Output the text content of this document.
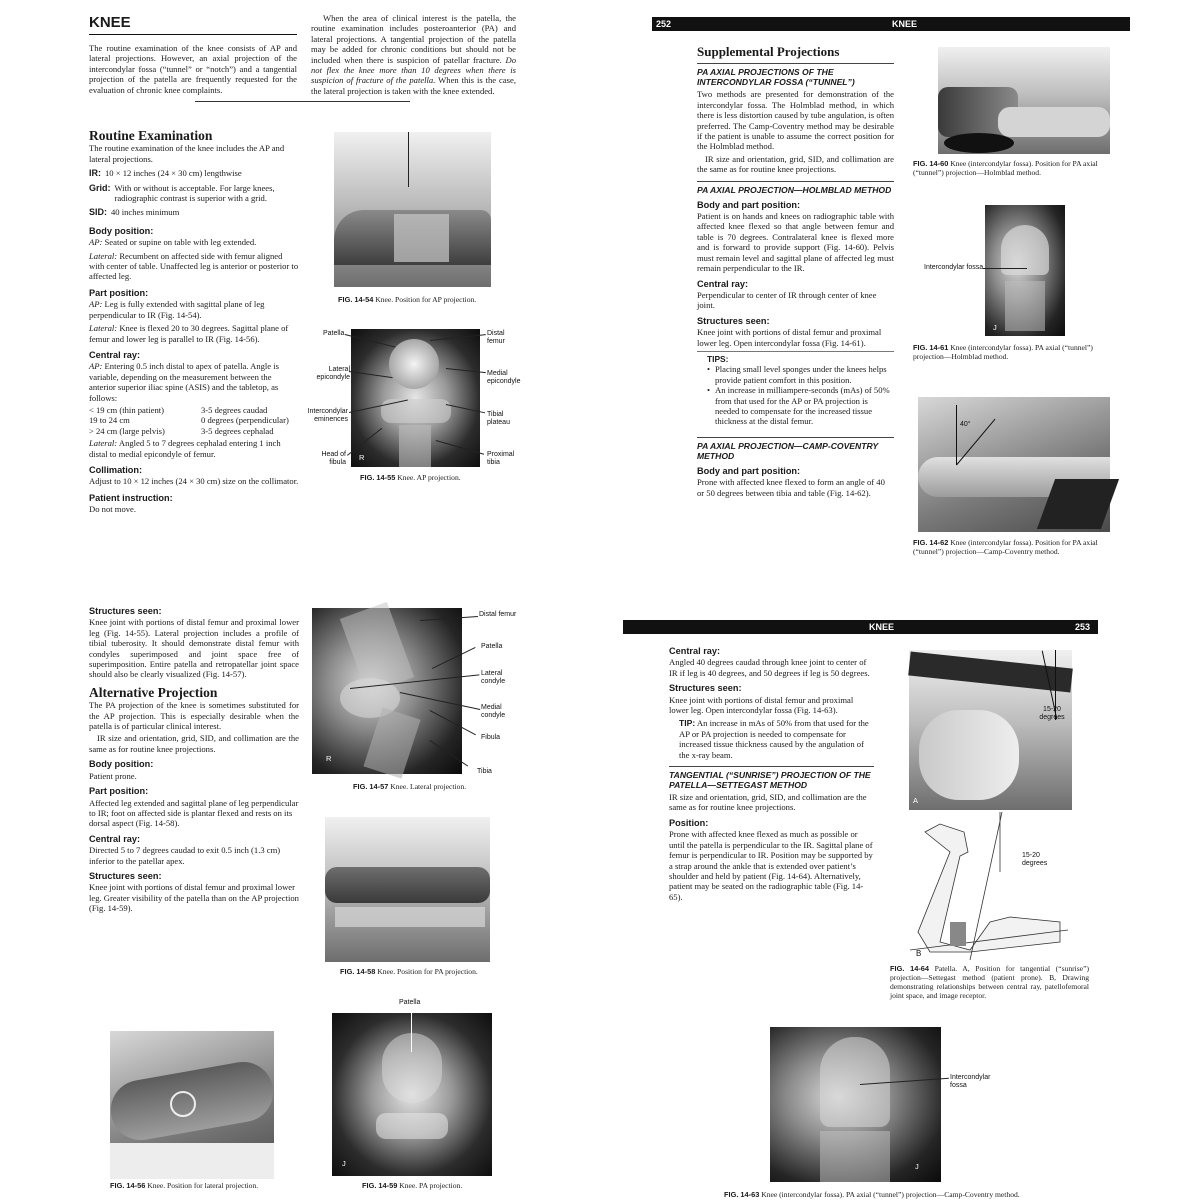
KNEE
The routine examination of the knee consists of AP and lateral projections. However, an axial projection of the intercondylar fossa (“tunnel” or “notch”) and a tangential projection of the patella are frequently requested for the evaluation of chronic knee complaints.
When the area of clinical interest is the patella, the routine examination includes posteroanterior (PA) and lateral projections. A tangential projection of the patella may be added for chronic conditions but should not be included when there is suspicion of patellar fracture. Do not flex the knee more than 10 degrees when there is suspicion of fracture of the patella. When this is the case, the lateral projection is taken with the knee extended.
Routine Examination

The routine examination of the knee includes the AP and lateral projections.

IR: 10 × 12 inches (24 × 30 cm) lengthwise
Grid: With or without is acceptable. For large knees, radiographic contrast is superior with a grid.
SID: 40 inches minimum
Body position:

AP: Seated or supine on table with leg extended.

Lateral: Recumbent on affected side with femur aligned with center of table. Unaffected leg is anterior or posterior to affected leg.

Part position:

AP: Leg is fully extended with sagittal plane of leg perpendicular to IR (Fig. 14-54).

Lateral: Knee is flexed 20 to 30 degrees. Sagittal plane of femur and lower leg is parallel to IR (Fig. 14-56).

Central ray:

AP: Entering 0.5 inch distal to apex of patella. Angle is variable, depending on the measurement between the anterior superior iliac spine (ASIS) and the tabletop, as follows:

< 19 cm (thin patient)	3-5 degrees caudad
19 to 24 cm	0 degrees (perpendicular)
> 24 cm (large pelvis)	3-5 degrees cephalad

Lateral: Angled 5 to 7 degrees cephalad entering 1 inch distal to medial epicondyle of femur.

Collimation:

Adjust to 10 × 12 inches (24 × 30 cm) size on the collimator.

Patient instruction:

Do not move.

FIG. 14-54 Knee. Position for AP projection.
R
Patella	Distal femur
Lateral epicondyle
Medial epicondyle
Intercondylar eminences
Tibial plateau
Head of fibula
Proximal tibia
FIG. 14-55 Knee. AP projection.
252	KNEE
Supplemental Projections
PA AXIAL PROJECTIONS OF THE INTERCONDYLAR FOSSA (“TUNNEL”)

Two methods are presented for demonstration of the intercondylar fossa. The Holmblad method, in which there is less distortion caused by tube angulation, is often preferred. The Camp-Coventry method may be desirable if the patient is unable to assume the correct position for the Holmblad method.

IR size and orientation, grid, SID, and collimation are the same as for routine knee projections.

PA AXIAL PROJECTION—HOLMBLAD METHOD
Body and part position:

Patient is on hands and knees on radiographic table with affected knee flexed so that angle between femur and table is 70 degrees. Contralateral knee is flexed more and is forward to provide support (Fig. 14-60). Pelvis must remain level and sagittal plane of affected leg must remain perpendicular to the IR.

Central ray:

Perpendicular to center of IR through center of knee joint.

Structures seen:

Knee joint with portions of distal femur and proximal lower leg. Open intercondylar fossa (Fig. 14-61).

TIPS:
• Placing small level sponges under the knees helps provide patient comfort in this position.
• An increase in milliampere-seconds (mAs) of 50% from that used for the AP or PA projection is needed to compensate for the increased tissue thickness at the distal femur.
PA AXIAL PROJECTION—CAMP-COVENTRY METHOD
Body and part position:

Prone with affected knee flexed to form an angle of 40 or 50 degrees between tibia and table (Fig. 14-62).

FIG. 14-60 Knee (intercondylar fossa). Position for PA axial (“tunnel”) projection—Holmblad method.
J
Intercondylar fossa
FIG. 14-61 Knee (intercondylar fossa). PA axial (“tunnel”) projection—Holmblad method.
40°
FIG. 14-62 Knee (intercondylar fossa). Position for PA axial (“tunnel”) projection—Camp-Coventry method.
Structures seen:

Knee joint with portions of distal femur and proximal lower leg (Fig. 14-55). Lateral projection includes a profile of tibial tuberosity. It should demonstrate distal femur with condyles superimposed and joint space free of superimposition. Entire patella and retropatellar joint space should also be clearly visualized (Fig. 14-57).

Alternative Projection

The PA projection of the knee is sometimes substituted for the AP projection. This is especially desirable when the patella is of particular clinical interest.

IR size and orientation, grid, SID, and collimation are the same as for routine knee projections.

Body position:

Patient prone.

Part position:

Affected leg extended and sagittal plane of leg perpendicular to IR; foot on affected side is plantar flexed and rests on its dorsal aspect (Fig. 14-58).

Central ray:

Directed 5 to 7 degrees caudad to exit 0.5 inch (1.3 cm) inferior to the patellar apex.

Structures seen:

Knee joint with portions of distal femur and proximal lower leg. Greater visibility of the patella than on the AP projection (Fig. 14-59).

R
Distal femur
Patella
Lateral condyle
Medial condyle
Fibula
Tibia
FIG. 14-57 Knee. Lateral projection.
FIG. 14-58 Knee. Position for PA projection.
FIG. 14-56 Knee. Position for lateral projection.
J
Patella
FIG. 14-59 Knee. PA projection.
KNEE	253
Central ray:

Angled 40 degrees caudad through knee joint to center of IR if leg is 40 degrees, and 50 degrees if leg is 50 degrees.

Structures seen:

Knee joint with portions of distal femur and proximal lower leg. Open intercondylar fossa (Fig. 14-63).

TIP: An increase in mAs of 50% from that used for the AP or PA projection is needed to compensate for increased tissue thickness caused by the angulation of the x-ray beam.

TANGENTIAL (“SUNRISE”) PROJECTION OF THE PATELLA—SETTEGAST METHOD

IR size and orientation, grid, SID, and collimation are the same as for routine knee projections.

Position:

Prone with affected knee flexed as much as possible or until the patella is perpendicular to the IR. Sagittal plane of femur is perpendicular to IR. Position may be supported by a strap around the ankle that is extended over patient’s shoulder and held by patient (Fig. 14-64). Alternatively, patient may be seated on the radiographic table (Fig. 14-65).

15-20 degrees
A
15-20 degrees
B
FIG. 14-64 Patella. A, Position for tangential (“sunrise”) projection—Settegast method (patient prone). B, Drawing demonstrating relationships between central ray, patellofemoral joint space, and image receptor.
J
Intercondylar fossa
FIG. 14-63 Knee (intercondylar fossa). PA axial (“tunnel”) projection—Camp-Coventry method.
